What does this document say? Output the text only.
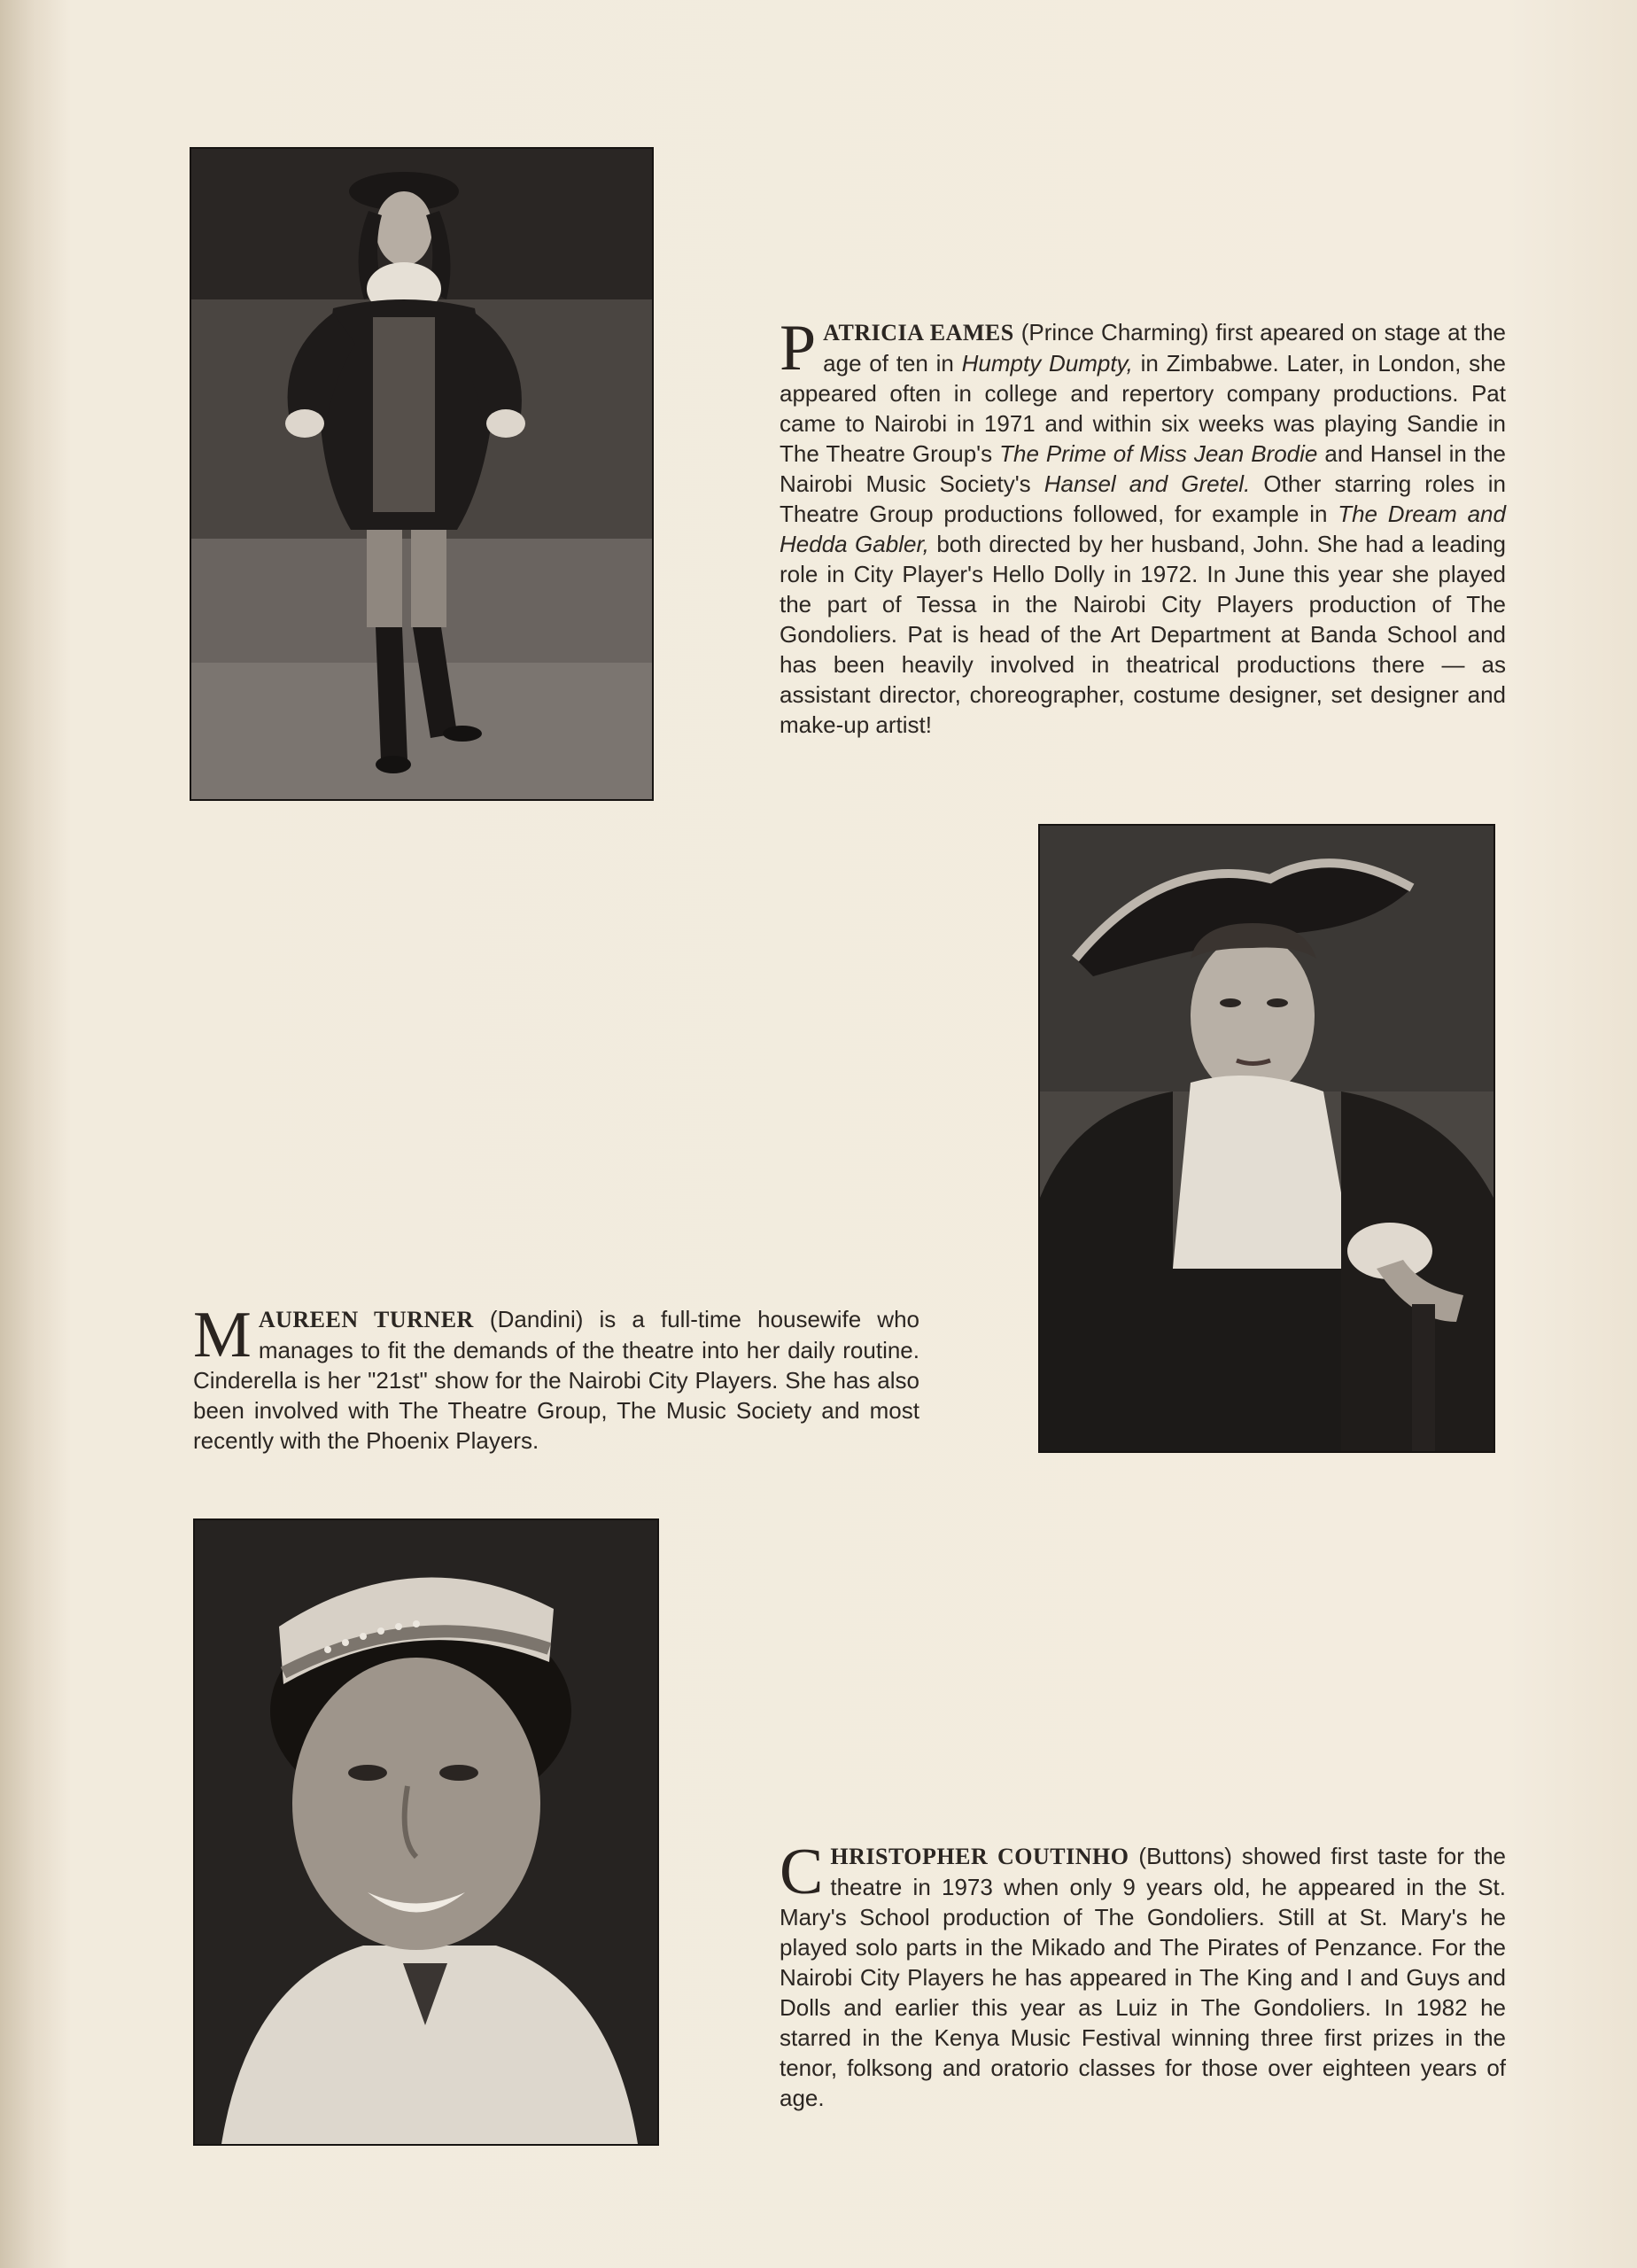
PATRICIA EAMES (Prince Charming) first apeared on stage at the age of ten in Humpty Dumpty, in Zimbabwe. Later, in London, she appeared often in college and repertory company productions. Pat came to Nairobi in 1971 and within six weeks was playing Sandie in The Theatre Group's The Prime of Miss Jean Brodie and Hansel in the Nairobi Music Society's Hansel and Gretel. Other starring roles in Theatre Group productions followed, for example in The Dream and Hedda Gabler, both directed by her husband, John. She had a leading role in City Player's Hello Dolly in 1972. In June this year she played the part of Tessa in the Nairobi City Players production of The Gondoliers. Pat is head of the Art Department at Banda School and has been heavily involved in theatrical productions there — as assistant director, choreographer, costume designer, set designer and make-up artist!
MAUREEN TURNER (Dandini) is a full-time housewife who manages to fit the demands of the theatre into her daily routine. Cinderella is her "21st" show for the Nairobi City Players. She has also been involved with The Theatre Group, The Music Society and most recently with the Phoenix Players.
CHRISTOPHER COUTINHO (Buttons) showed first taste for the theatre in 1973 when only 9 years old, he appeared in the St. Mary's School production of The Gondoliers. Still at St. Mary's he played solo parts in the Mikado and The Pirates of Penzance. For the Nairobi City Players he has appeared in The King and I and Guys and Dolls and earlier this year as Luiz in The Gondoliers. In 1982 he starred in the Kenya Music Festival winning three first prizes in the tenor, folksong and oratorio classes for those over eighteen years of age.
